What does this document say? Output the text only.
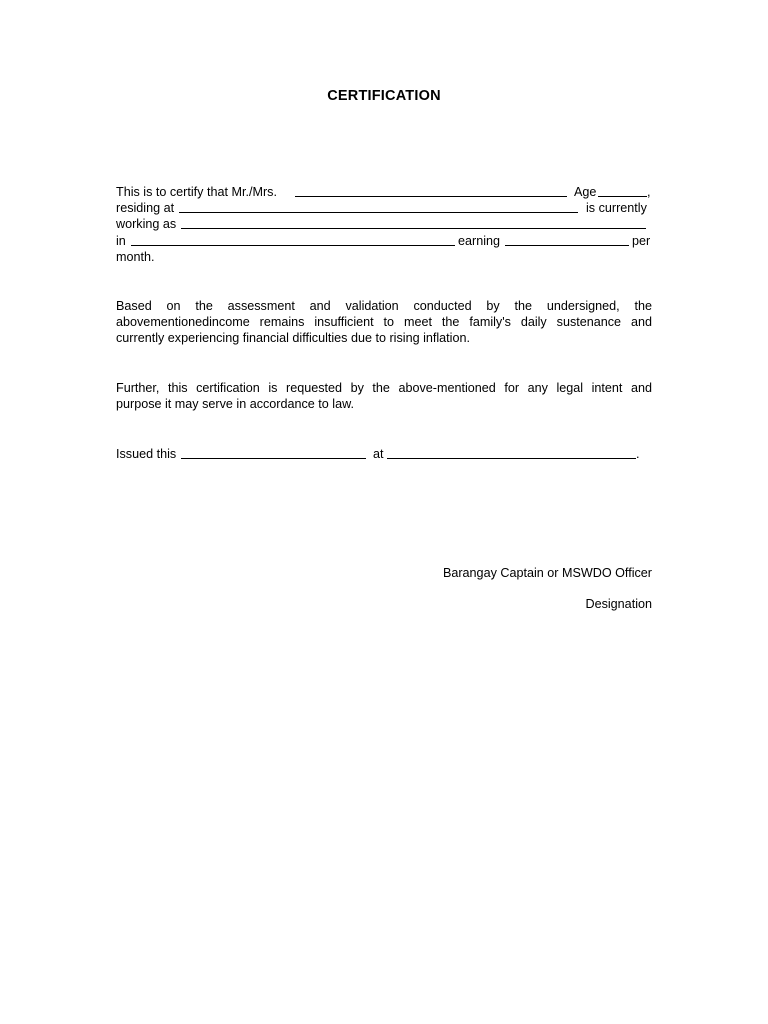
CERTIFICATION
This is to certify that Mr./Mrs.	Age	,
residing at	is currently
working as
in	earning	per
month.
Based on the assessment and validation conducted by the undersigned, the
abovementionedincome remains insufficient to meet the family's daily sustenance and
currently experiencing financial difficulties due to rising inflation.
Further, this certification is requested by the above-mentioned for any legal intent and
purpose it may serve in accordance to law.
Issued this	at	.
Barangay Captain or MSWDO Officer
Designation
